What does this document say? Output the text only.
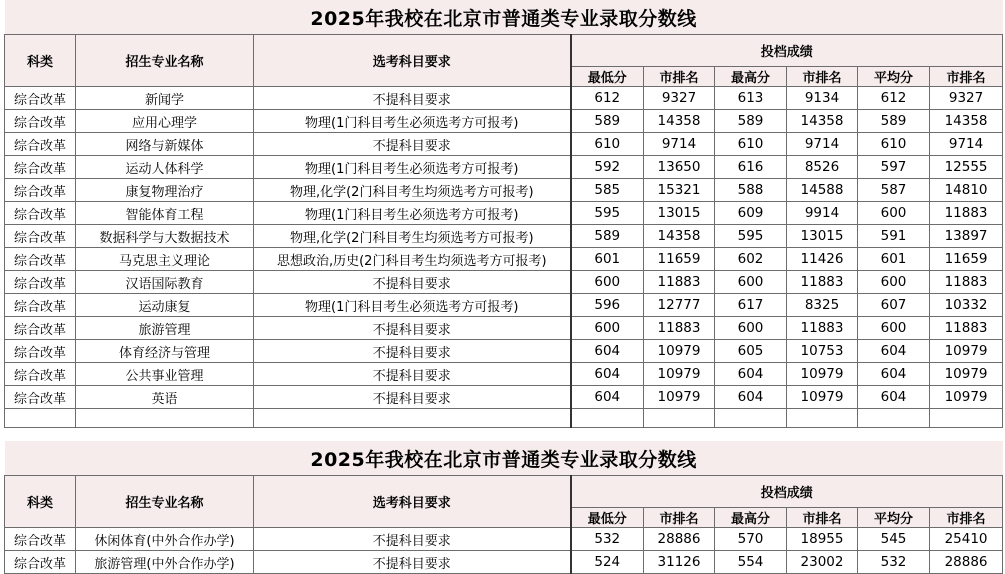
2025年我校在北京市普通类专业录取分数线								
科类	招生专业名称	选考科目要求	投档成绩					
			最低分	市排名	最高分	市排名	平均分	市排名
综合改革	新闻学	不提科目要求	612	9327	613	9134	612	9327
综合改革	应用心理学	物理(1门科目考生必须选考方可报考)	589	14358	589	14358	589	14358
综合改革	网络与新媒体	不提科目要求	610	9714	610	9714	610	9714
综合改革	运动人体科学	物理(1门科目考生必须选考方可报考)	592	13650	616	8526	597	12555
综合改革	康复物理治疗	物理,化学(2门科目考生均须选考方可报考)	585	15321	588	14588	587	14810
综合改革	智能体育工程	物理(1门科目考生必须选考方可报考)	595	13015	609	9914	600	11883
综合改革	数据科学与大数据技术	物理,化学(2门科目考生均须选考方可报考)	589	14358	595	13015	591	13897
综合改革	马克思主义理论	思想政治,历史(2门科目考生均须选考方可报考)	601	11659	602	11426	601	11659
综合改革	汉语国际教育	不提科目要求	600	11883	600	11883	600	11883
综合改革	运动康复	物理(1门科目考生必须选考方可报考)	596	12777	617	8325	607	10332
综合改革	旅游管理	不提科目要求	600	11883	600	11883	600	11883
综合改革	体育经济与管理	不提科目要求	604	10979	605	10753	604	10979
综合改革	公共事业管理	不提科目要求	604	10979	604	10979	604	10979
综合改革	英语	不提科目要求	604	10979	604	10979	604	10979

2025年我校在北京市普通类专业录取分数线								
科类	招生专业名称	选考科目要求	投档成绩					
			最低分	市排名	最高分	市排名	平均分	市排名
综合改革	休闲体育(中外合作办学)	不提科目要求	532	28886	570	18955	545	25410
综合改革	旅游管理(中外合作办学)	不提科目要求	524	31126	554	23002	532	28886
